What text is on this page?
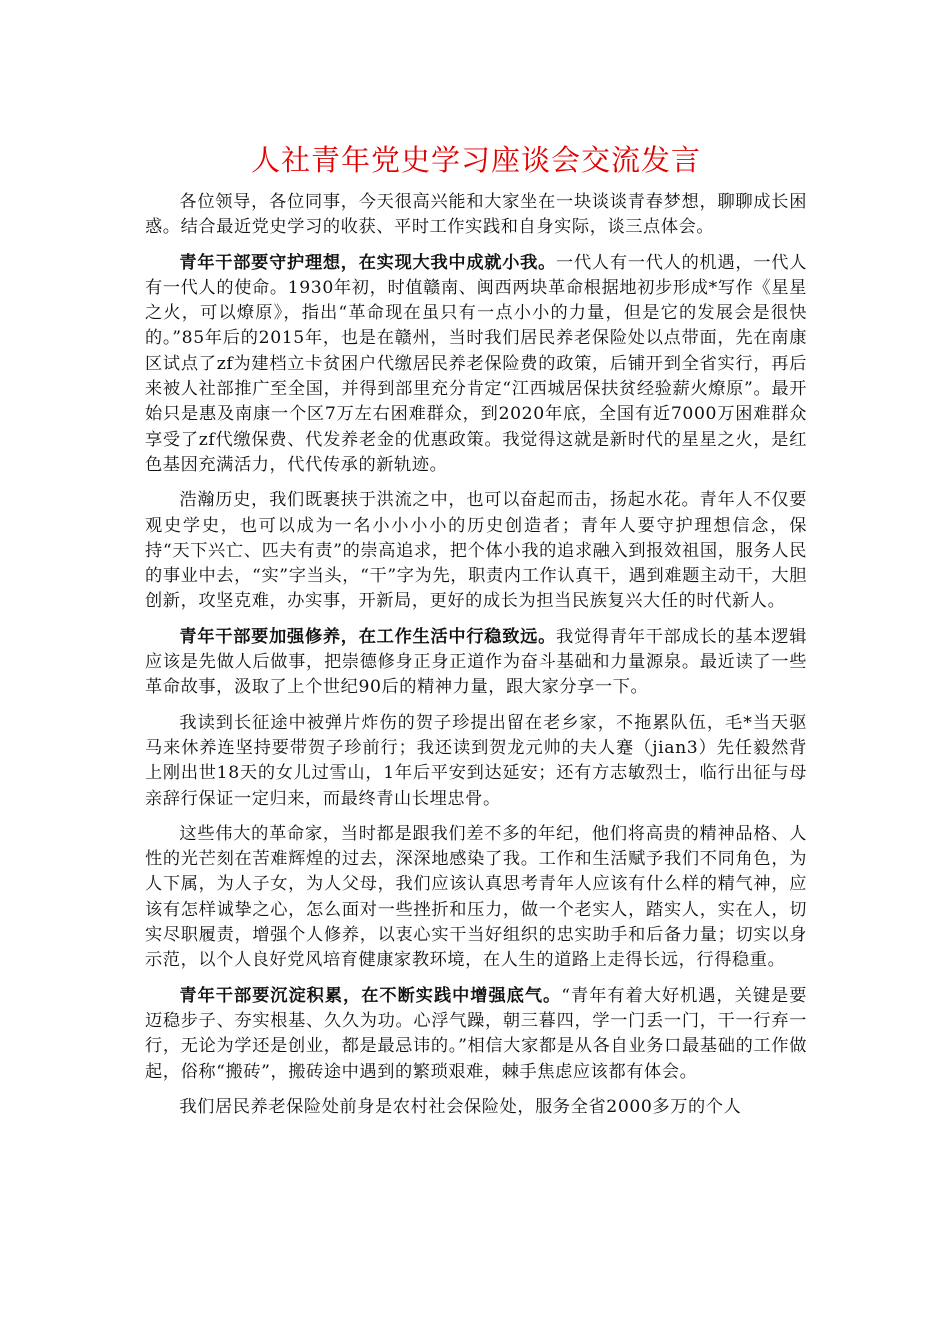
人社青年党史学习座谈会交流发言

各位领导，各位同事，今天很高兴能和大家坐在一块谈谈青春梦想，聊聊成长困惑。结合最近党史学习的收获、平时工作实践和自身实际，谈三点体会。

青年干部要守护理想，在实现大我中成就小我。一代人有一代人的机遇，一代人有一代人的使命。1930年初，时值赣南、闽西两块革命根据地初步形成*写作《星星之火，可以燎原》，指出“革命现在虽只有一点小小的力量，但是它的发展会是很快的。”85年后的2015年，也是在赣州，当时我们居民养老保险处以点带面，先在南康区试点了zf为建档立卡贫困户代缴居民养老保险费的政策，后铺开到全省实行，再后来被人社部推广至全国，并得到部里充分肯定“江西城居保扶贫经验薪火燎原”。最开始只是惠及南康一个区7万左右困难群众，到2020年底，全国有近7000万困难群众享受了zf代缴保费、代发养老金的优惠政策。我觉得这就是新时代的星星之火，是红色基因充满活力，代代传承的新轨迹。

浩瀚历史，我们既裹挟于洪流之中，也可以奋起而击，扬起水花。青年人不仅要观史学史，也可以成为一名小小小小的历史创造者；青年人要守护理想信念，保持“天下兴亡、匹夫有责”的崇高追求，把个体小我的追求融入到报效祖国，服务人民的事业中去，“实”字当头，“干”字为先，职责内工作认真干，遇到难题主动干，大胆创新，攻坚克难，办实事，开新局，更好的成长为担当民族复兴大任的时代新人。

青年干部要加强修养，在工作生活中行稳致远。我觉得青年干部成长的基本逻辑应该是先做人后做事，把崇德修身正身正道作为奋斗基础和力量源泉。最近读了一些革命故事，汲取了上个世纪90后的精神力量，跟大家分享一下。

我读到长征途中被弹片炸伤的贺子珍提出留在老乡家，不拖累队伍，毛*当天驱马来休养连坚持要带贺子珍前行；我还读到贺龙元帅的夫人蹇（jian3）先任毅然背上刚出世18天的女儿过雪山，1年后平安到达延安；还有方志敏烈士，临行出征与母亲辞行保证一定归来，而最终青山长埋忠骨。

这些伟大的革命家，当时都是跟我们差不多的年纪，他们将高贵的精神品格、人性的光芒刻在苦难辉煌的过去，深深地感染了我。工作和生活赋予我们不同角色，为人下属，为人子女，为人父母，我们应该认真思考青年人应该有什么样的精气神，应该有怎样诚挚之心，怎么面对一些挫折和压力，做一个老实人，踏实人，实在人，切实尽职履责，增强个人修养，以衷心实干当好组织的忠实助手和后备力量；切实以身示范，以个人良好党风培育健康家教环境，在人生的道路上走得长远，行得稳重。

青年干部要沉淀积累，在不断实践中增强底气。“青年有着大好机遇，关键是要迈稳步子、夯实根基、久久为功。心浮气躁，朝三暮四，学一门丢一门，干一行弃一行，无论为学还是创业，都是最忌讳的。”相信大家都是从各自业务口最基础的工作做起，俗称“搬砖”，搬砖途中遇到的繁琐艰难，棘手焦虑应该都有体会。

我们居民养老保险处前身是农村社会保险处，服务全省2000多万的个人
